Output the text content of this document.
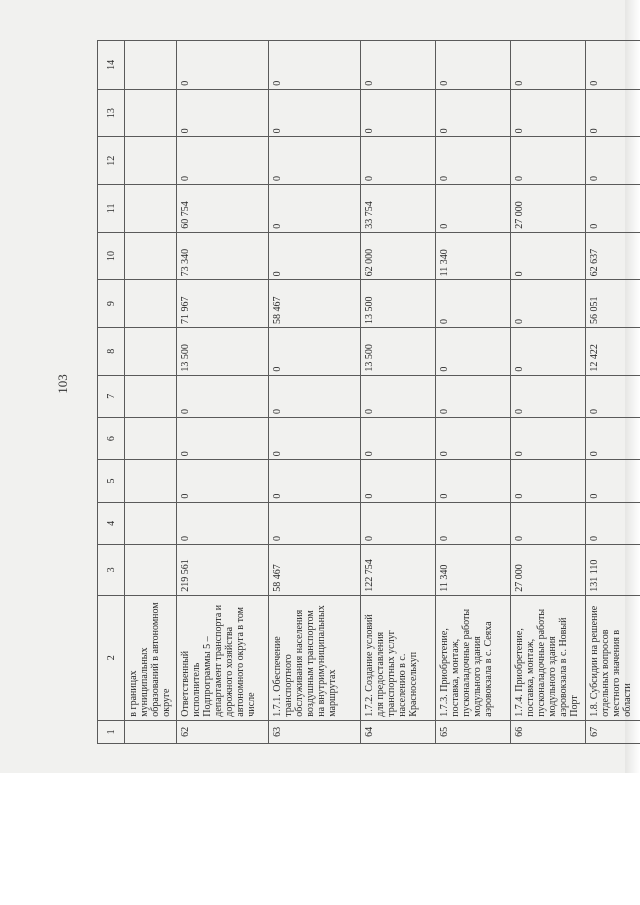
103
1	2	3	4	5	6	7	8	9	10	11	12	13	14
	в границах муниципальных образований в автономном округе												
62	Ответственный исполнитель Подпрограммы 5 – департамент транспорта и дорожного хозяйства автономного округа в том числе	219 561	0	0	0	0	13 500	71 967	73 340	60 754	0	0	0
63	1.7.1. Обеспечение транспортного обслуживания населения воздушным транспортом на внутримуниципальных маршрутах	58 467	0	0	0	0	0	58 467	0	0	0	0	0
64	1.7.2. Создание условий для предоставления транспортных услуг населению в с. Красноселькуп	122 754	0	0	0	0	13 500	13 500	62 000	33 754	0	0	0
65	1.7.3. Приобретение, поставка, монтаж, пусконаладочные работы модульного здания аэровокзала в с. Сеяха	11 340	0	0	0	0	0	0	11 340	0	0	0	0
66	1.7.4. Приобретение, поставка, монтаж, пусконаладочные работы модульного здания аэровокзала в с. Новый Порт	27 000	0	0	0	0	0	0	0	27 000	0	0	0
67	1.8. Субсидии на решение отдельных вопросов местного значения в области	131 110	0	0	0	0	12 422	56 051	62 637	0	0	0	0
